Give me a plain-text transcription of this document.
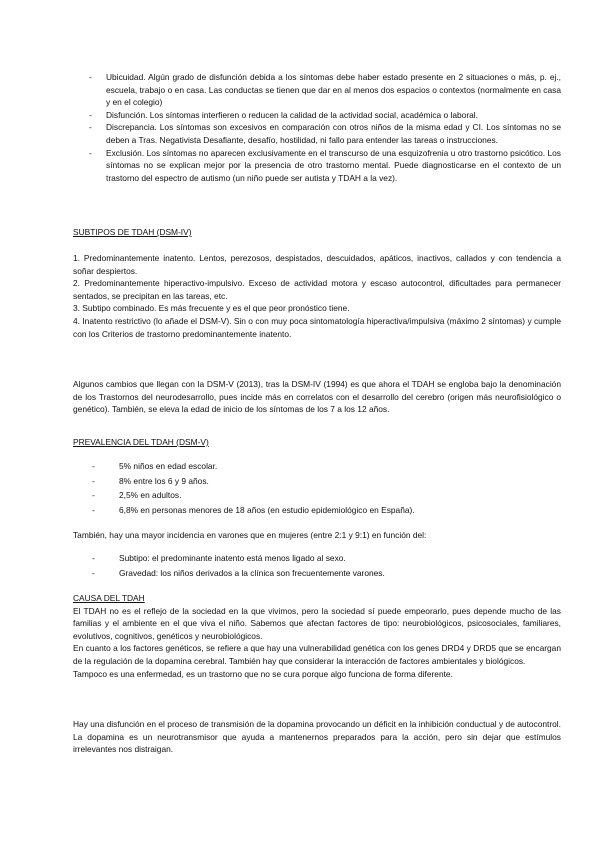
- Ubicuidad. Algún grado de disfunción debida a los síntomas debe haber estado presente en 2 situaciones o más, p. ej., escuela, trabajo o en casa. Las conductas se tienen que dar en al menos dos espacios o contextos (normalmente en casa y en el colegio)
- Disfunción. Los síntomas interfieren o reducen la calidad de la actividad social, académica o laboral.
- Discrepancia. Los síntomas son excesivos en comparación con otros niños de la misma edad y CI. Los síntomas no se deben a Tras. Negativista Desafiante, desafío, hostilidad, ni fallo para entender las tareas o instrucciones.
- Exclusión. Los síntomas no aparecen exclusivamente en el transcurso de una esquizofrenia u otro trastorno psicótico. Los síntomas no se explican mejor por la presencia de otro trastorno mental. Puede diagnosticarse en el contexto de un trastorno del espectro de autismo (un niño puede ser autista y TDAH a la vez).
SUBTIPOS DE TDAH (DSM-IV)

1. Predominantemente inatento. Lentos, perezosos, despistados, descuidados, apáticos, inactivos, callados y con tendencia a soñar despiertos.

2. Predominantemente hiperactivo-impulsivo. Exceso de actividad motora y escaso autocontrol, dificultades para permanecer sentados, se precipitan en las tareas, etc.

3. Subtipo combinado. Es más frecuente y es el que peor pronóstico tiene.

4. Inatento restrictivo (lo añade el DSM-V). Sin o con muy poca sintomatología hiperactiva/impulsiva (máximo 2 síntomas) y cumple con los Criterios de trastorno predominantemente inatento.

Algunos cambios que llegan con la DSM-V (2013), tras la DSM-IV (1994) es que ahora el TDAH se engloba bajo la denominación de los Trastornos del neurodesarrollo, pues incide más en correlatos con el desarrollo del cerebro (origen más neurofisiológico o genético). También, se eleva la edad de inicio de los síntomas de los 7 a los 12 años.
PREVALENCIA DEL TDAH (DSM-V)
-	5% niños en edad escolar.
-	8% entre los 6 y 9 años.
-	2,5% en adultos.
-	6,8% en personas menores de 18 años (en estudio epidemiológico en España).
También, hay una mayor incidencia en varones que en mujeres (entre 2:1 y 9:1) en función del:
-	Subtipo: el predominante inatento está menos ligado al sexo.
-	Gravedad: los niños derivados a la clínica son frecuentemente varones.

CAUSA DEL TDAH

El TDAH no es el reflejo de la sociedad en la que vivimos, pero la sociedad sí puede empeorarlo, pues depende mucho de las familias y el ambiente en el que viva el niño. Sabemos que afectan factores de tipo: neurobiológicos, psicosociales, familiares, evolutivos, cognitivos, genéticos y neurobiológicos.

En cuanto a los factores genéticos, se refiere a que hay una vulnerabilidad genética con los genes DRD4 y DRD5 que se encargan de la regulación de la dopamina cerebral. También hay que considerar la interacción de factores ambientales y biológicos.

Tampoco es una enfermedad, es un trastorno que no se cura porque algo funciona de forma diferente.

Hay una disfunción en el proceso de transmisión de la dopamina provocando un déficit en la inhibición conductual y de autocontrol. La dopamina es un neurotransmisor que ayuda a mantenernos preparados para la acción, pero sin dejar que estímulos irrelevantes nos distraigan.
